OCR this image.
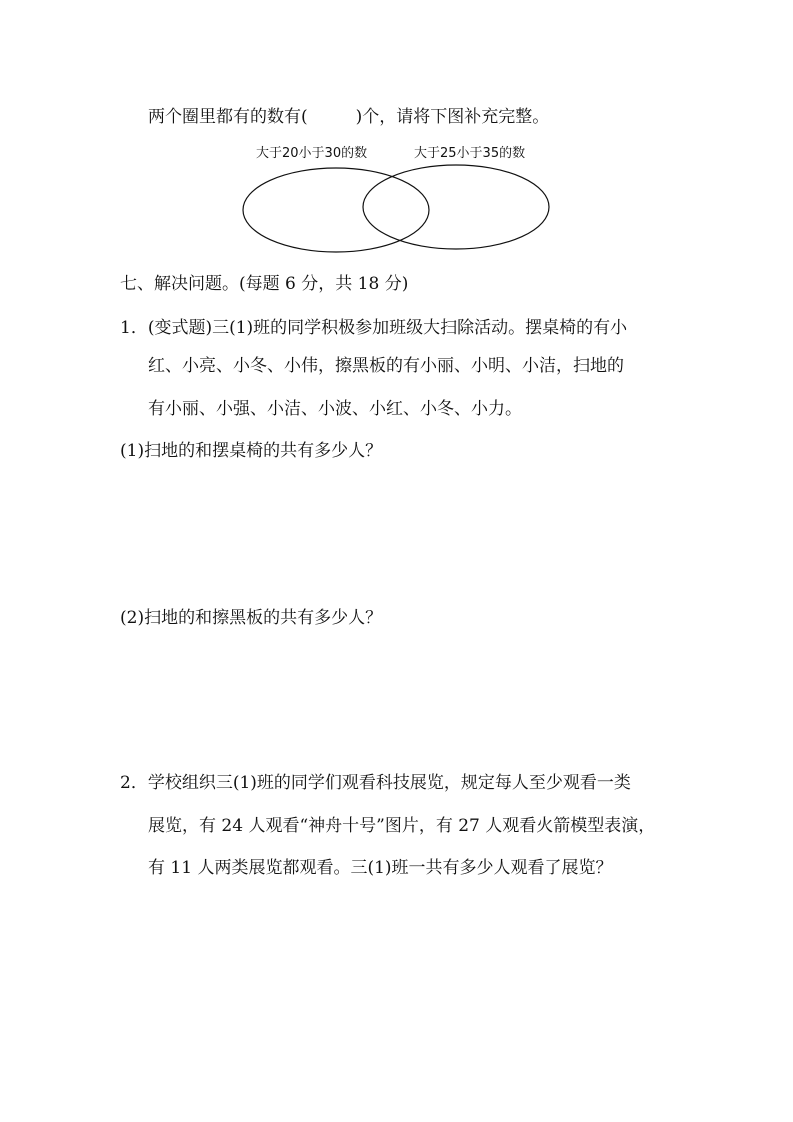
两个圈里都有的数有(	)个，请将下图补充完整。
大于20小于30的数	大于25小于35的数
七、解决问题。(每题 6 分，共 18 分)
1．(变式题)三(1)班的同学积极参加班级大扫除活动。摆桌椅的有小
红、小亮、小冬、小伟，擦黑板的有小丽、小明、小洁，扫地的
有小丽、小强、小洁、小波、小红、小冬、小力。
(1)扫地的和摆桌椅的共有多少人？
(2)扫地的和擦黑板的共有多少人？
2．学校组织三(1)班的同学们观看科技展览，规定每人至少观看一类
展览，有 24 人观看“神舟十号”图片，有 27 人观看火箭模型表演，
有 11 人两类展览都观看。三(1)班一共有多少人观看了展览？
